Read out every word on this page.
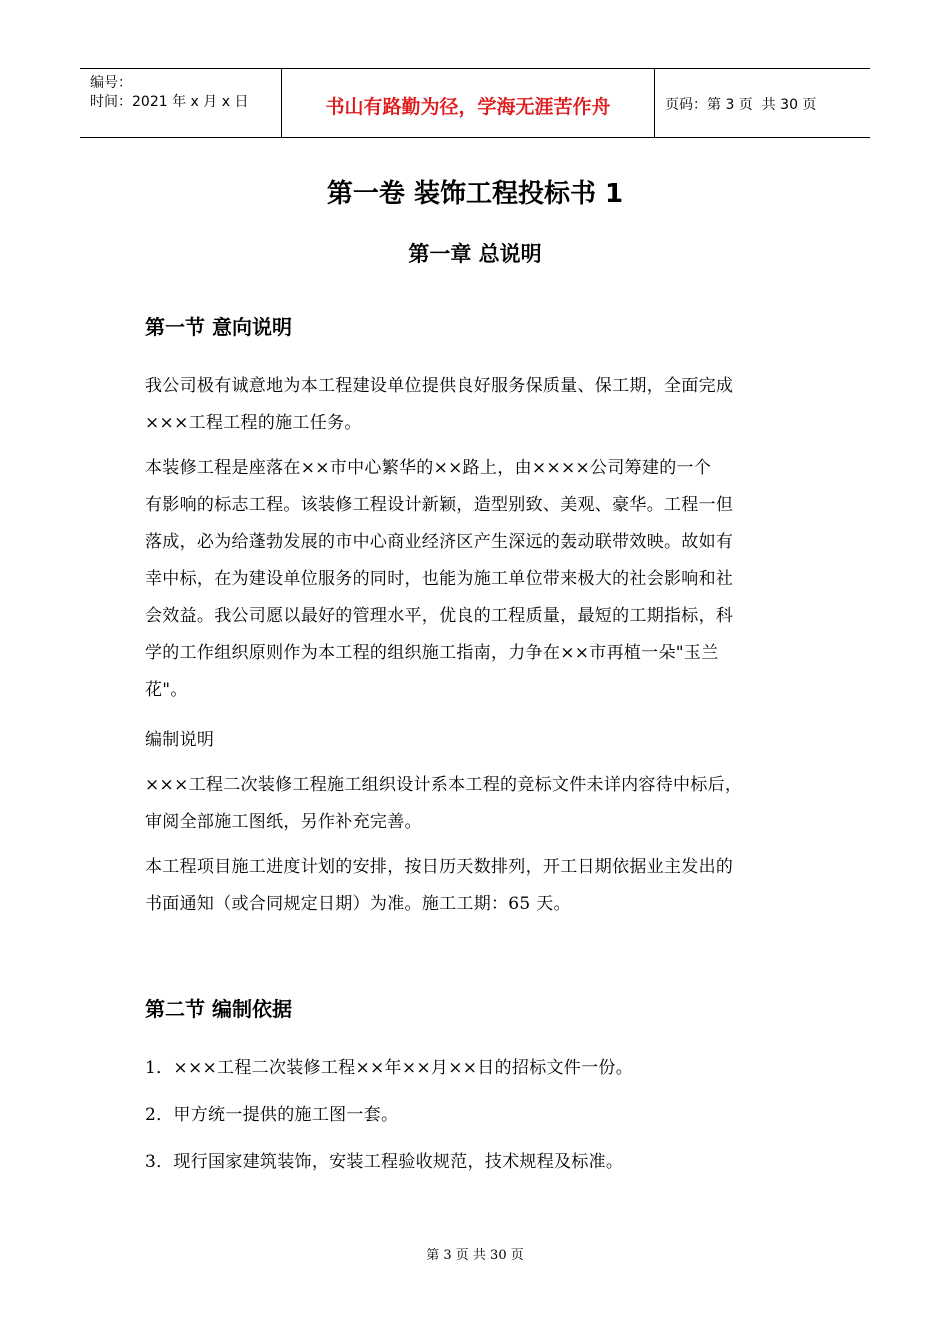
编号：
时间：2021 年 x 月 x 日	书山有路勤为径，学海无涯苦作舟	页码：第 3 页  共 30 页
第一卷 装饰工程投标书 1
第一章 总说明
第一节 意向说明
我公司极有诚意地为本工程建设单位提供良好服务保质量、保工期，全面完成
×××工程工程的施工任务。
本装修工程是座落在××市中心繁华的××路上，由××××公司筹建的一个
有影响的标志工程。该装修工程设计新颖，造型别致、美观、豪华。工程一但
落成，必为给蓬勃发展的市中心商业经济区产生深远的轰动联带效映。故如有
幸中标，在为建设单位服务的同时，也能为施工单位带来极大的社会影响和社
会效益。我公司愿以最好的管理水平，优良的工程质量，最短的工期指标，科
学的工作组织原则作为本工程的组织施工指南，力争在××市再植一朵"玉兰
花"。
编制说明
×××工程二次装修工程施工组织设计系本工程的竞标文件未详内容待中标后，
审阅全部施工图纸，另作补充完善。
本工程项目施工进度计划的安排，按日历天数排列，开工日期依据业主发出的
书面通知（或合同规定日期）为准。施工工期：65 天。
第二节 编制依据
1．×××工程二次装修工程××年××月××日的招标文件一份。
2．甲方统一提供的施工图一套。
3．现行国家建筑装饰，安装工程验收规范，技术规程及标准。
第 3 页 共 30 页
